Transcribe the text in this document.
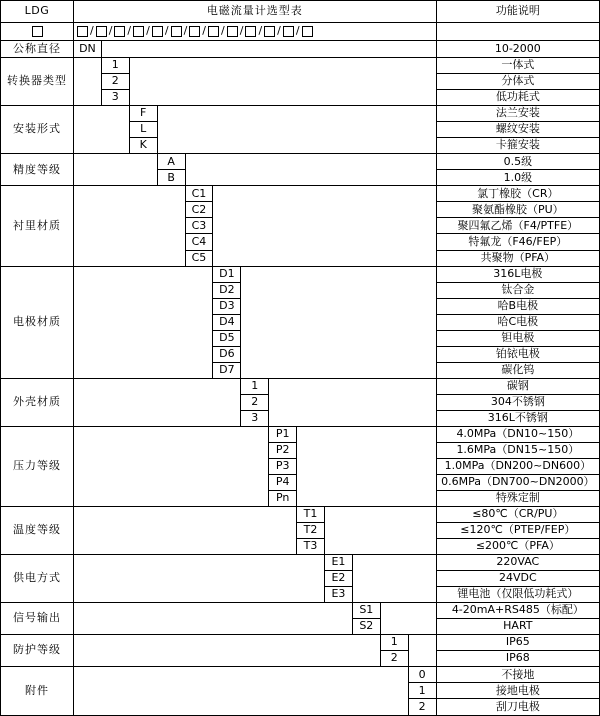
LDG	电磁流量计选型表													功能说明

/ / / / / / / / / / / /

公称直径	DN													10-2000
转换器类型		1												一体式
		2												分体式
		3												低功耗式
安装形式			F											法兰安装
			L											螺纹安装
			K											卡箍安装
精度等级				A										0.5级
				B										1.0级
衬里材质					C1									氯丁橡胶（CR）
					C2									聚氨酯橡胶（PU）
					C3									聚四氟乙烯（F4/PTFE）
					C4									特氟龙（F46/FEP）
					C5									共聚物（PFA）
电极材质						D1								316L电极
						D2								钛合金
						D3								哈B电极
						D4								哈C电极
						D5								钽电极
						D6								铂铱电极
						D7								碳化钨
外壳材质							1							碳钢
							2							304不锈钢
							3							316L不锈钢
压力等级								P1						4.0MPa（DN10~150）
								P2						1.6MPa（DN15~150）
								P3						1.0MPa（DN200~DN600）
								P4						0.6MPa（DN700~DN2000）
								Pn						特殊定制
温度等级									T1					≤80℃（CR/PU）
									T2					≤120℃（PTEP/FEP）
									T3					≤200℃（PFA）
供电方式										E1				220VAC
										E2				24VDC
										E3				锂电池（仅限低功耗式）
信号输出											S1			4-20mA+RS485（标配）
											S2			HART
防护等级												1		IP65
												2		IP68
附件													0	不接地
													1	接地电极
													2	刮刀电极
